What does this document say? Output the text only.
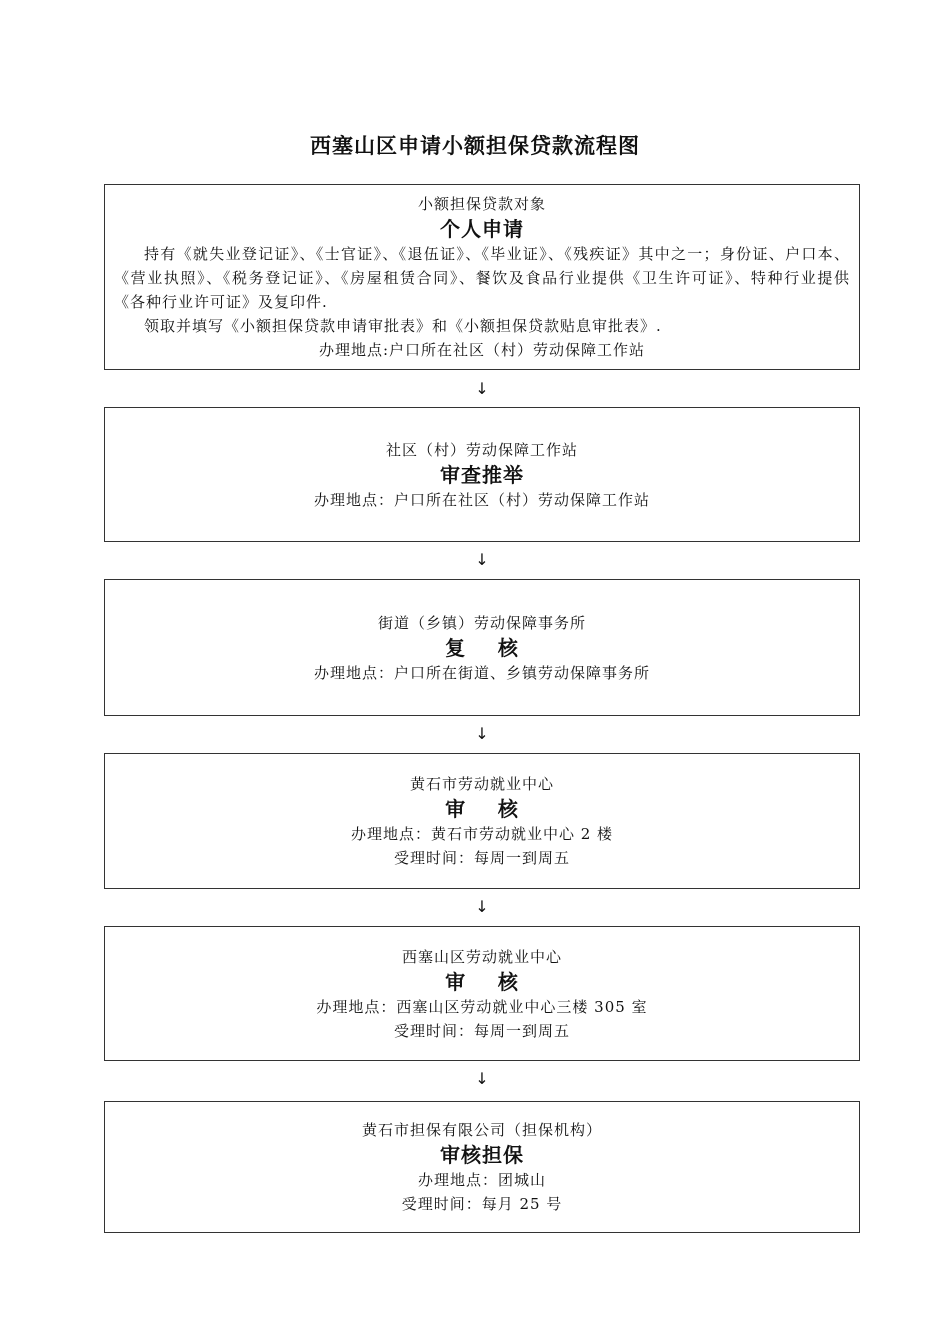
西塞山区申请小额担保贷款流程图
小额担保贷款对象
个人申请
持有《就失业登记证》、《士官证》、《退伍证》、《毕业证》、《残疾证》其中之一；身份证、户口本、《营业执照》、《税务登记证》、《房屋租赁合同》、餐饮及食品行业提供《卫生许可证》、特种行业提供《各种行业许可证》及复印件.
领取并填写《小额担保贷款申请审批表》和《小额担保贷款贴息审批表》.
办理地点:户口所在社区（村）劳动保障工作站
↓
社区（村）劳动保障工作站
审查推举
办理地点：户口所在社区（村）劳动保障工作站
↓
街道（乡镇）劳动保障事务所
复    核
办理地点：户口所在街道、乡镇劳动保障事务所
↓
黄石市劳动就业中心
审    核
办理地点：黄石市劳动就业中心 2 楼
受理时间：每周一到周五
↓
西塞山区劳动就业中心
审    核
办理地点：西塞山区劳动就业中心三楼 305 室
受理时间：每周一到周五
↓
黄石市担保有限公司（担保机构）
审核担保
办理地点：团城山
受理时间：每月 25 号
